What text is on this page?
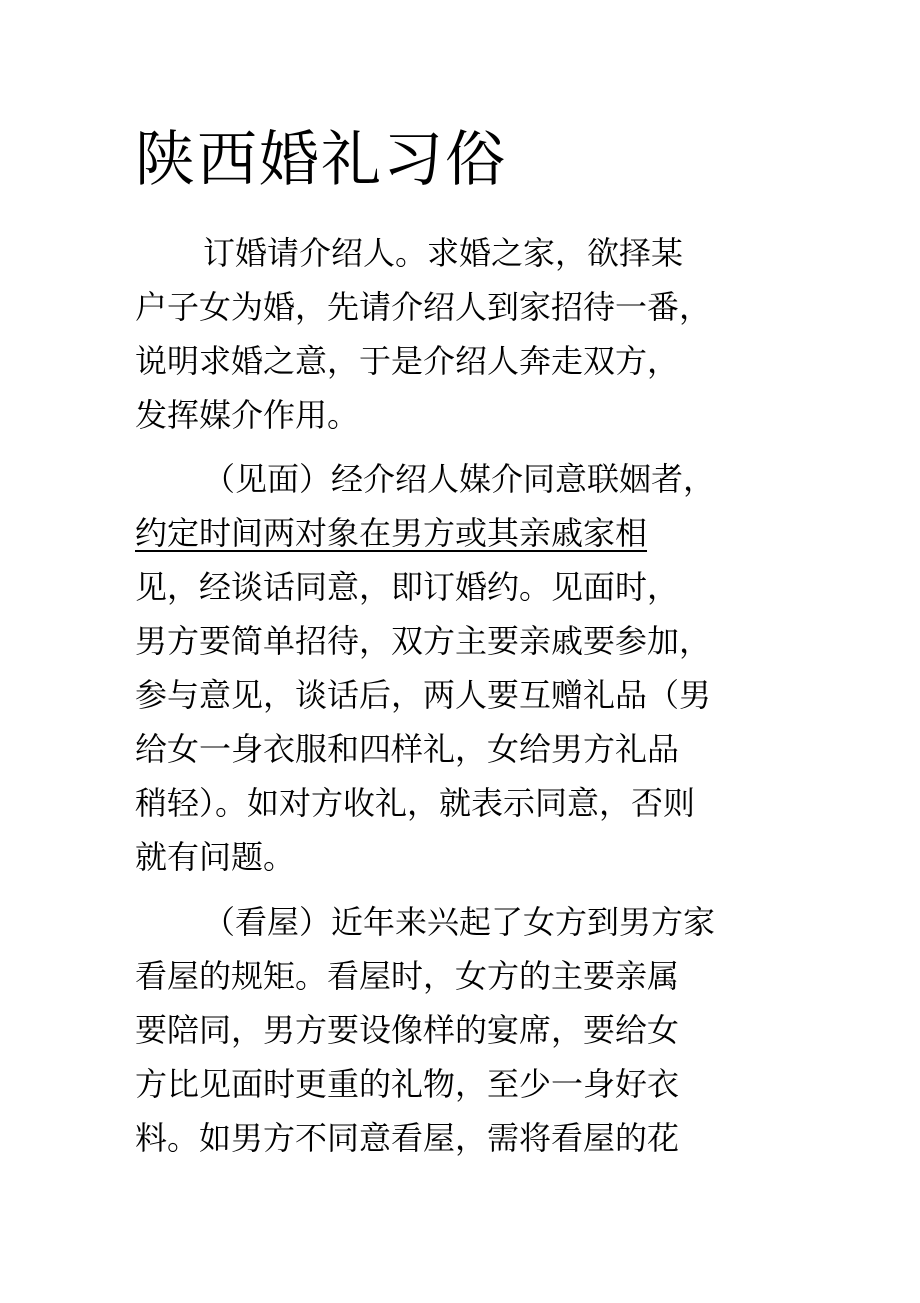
陕西婚礼习俗
订婚请介绍人。求婚之家，欲择某
户子女为婚，先请介绍人到家招待一番，
说明求婚之意，于是介绍人奔走双方，
发挥媒介作用。
（见面）经介绍人媒介同意联姻者，
约定时间两对象在男方或其亲戚家相
见，经谈话同意，即订婚约。见面时，
男方要简单招待，双方主要亲戚要参加，
参与意见，谈话后，两人要互赠礼品（男
给女一身衣服和四样礼，女给男方礼品
稍轻）。如对方收礼，就表示同意，否则
就有问题。
（看屋）近年来兴起了女方到男方家
看屋的规矩。看屋时，女方的主要亲属
要陪同，男方要设像样的宴席，要给女
方比见面时更重的礼物，至少一身好衣
料。如男方不同意看屋，需将看屋的花
